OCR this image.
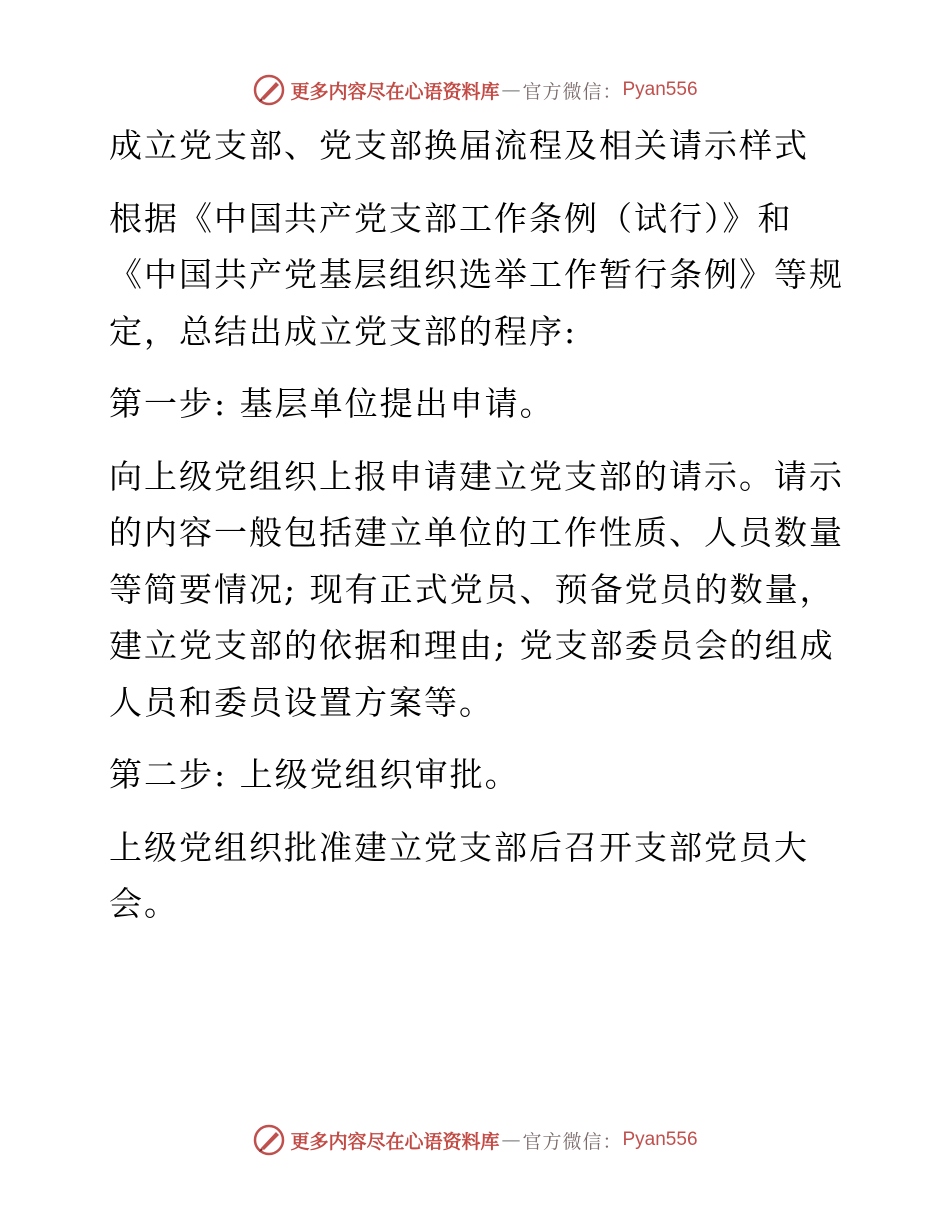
更多内容尽在心语资料库 — 官方微信： Pyan556

成立党支部、党支部换届流程及相关请示样式

根据《中国共产党支部工作条例（试行）》和《中国共产党基层组织选举工作暂行条例》等规定，总结出成立党支部的程序:

第一步: 基层单位提出申请。

向上级党组织上报申请建立党支部的请示。请示的内容一般包括建立单位的工作性质、人员数量等简要情况; 现有正式党员、预备党员的数量，建立党支部的依据和理由; 党支部委员会的组成人员和委员设置方案等。

第二步: 上级党组织审批。

上级党组织批准建立党支部后召开支部党员大会。

更多内容尽在心语资料库 — 官方微信： Pyan556
